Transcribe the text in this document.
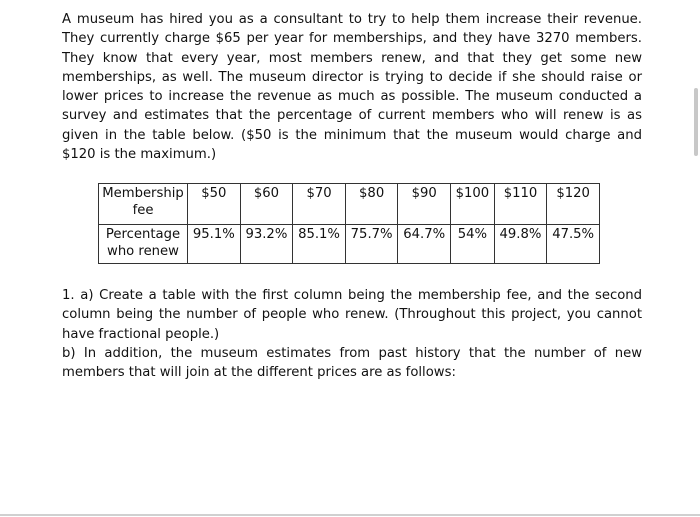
A museum has hired you as a consultant to try to help them increase their revenue. They currently charge $65 per year for memberships, and they have 3270 members. They know that every year, most members renew, and that they get some new memberships, as well. The museum director is trying to decide if she should raise or lower prices to increase the revenue as much as possible. The museum conducted a survey and estimates that the percentage of current members who will renew is as given in the table below. ($50 is the minimum that the museum would charge and $120 is the maximum.)

Membership fee	$50	$60	$70	$80	$90	$100	$110	$120
Percentage who renew	95.1%	93.2%	85.1%	75.7%	64.7%	54%	49.8%	47.5%

1. a) Create a table with the first column being the membership fee, and the second column being the number of people who renew. (Throughout this project, you cannot have fractional people.)

b) In addition, the museum estimates from past history that the number of new members that will join at the different prices are as follows:
